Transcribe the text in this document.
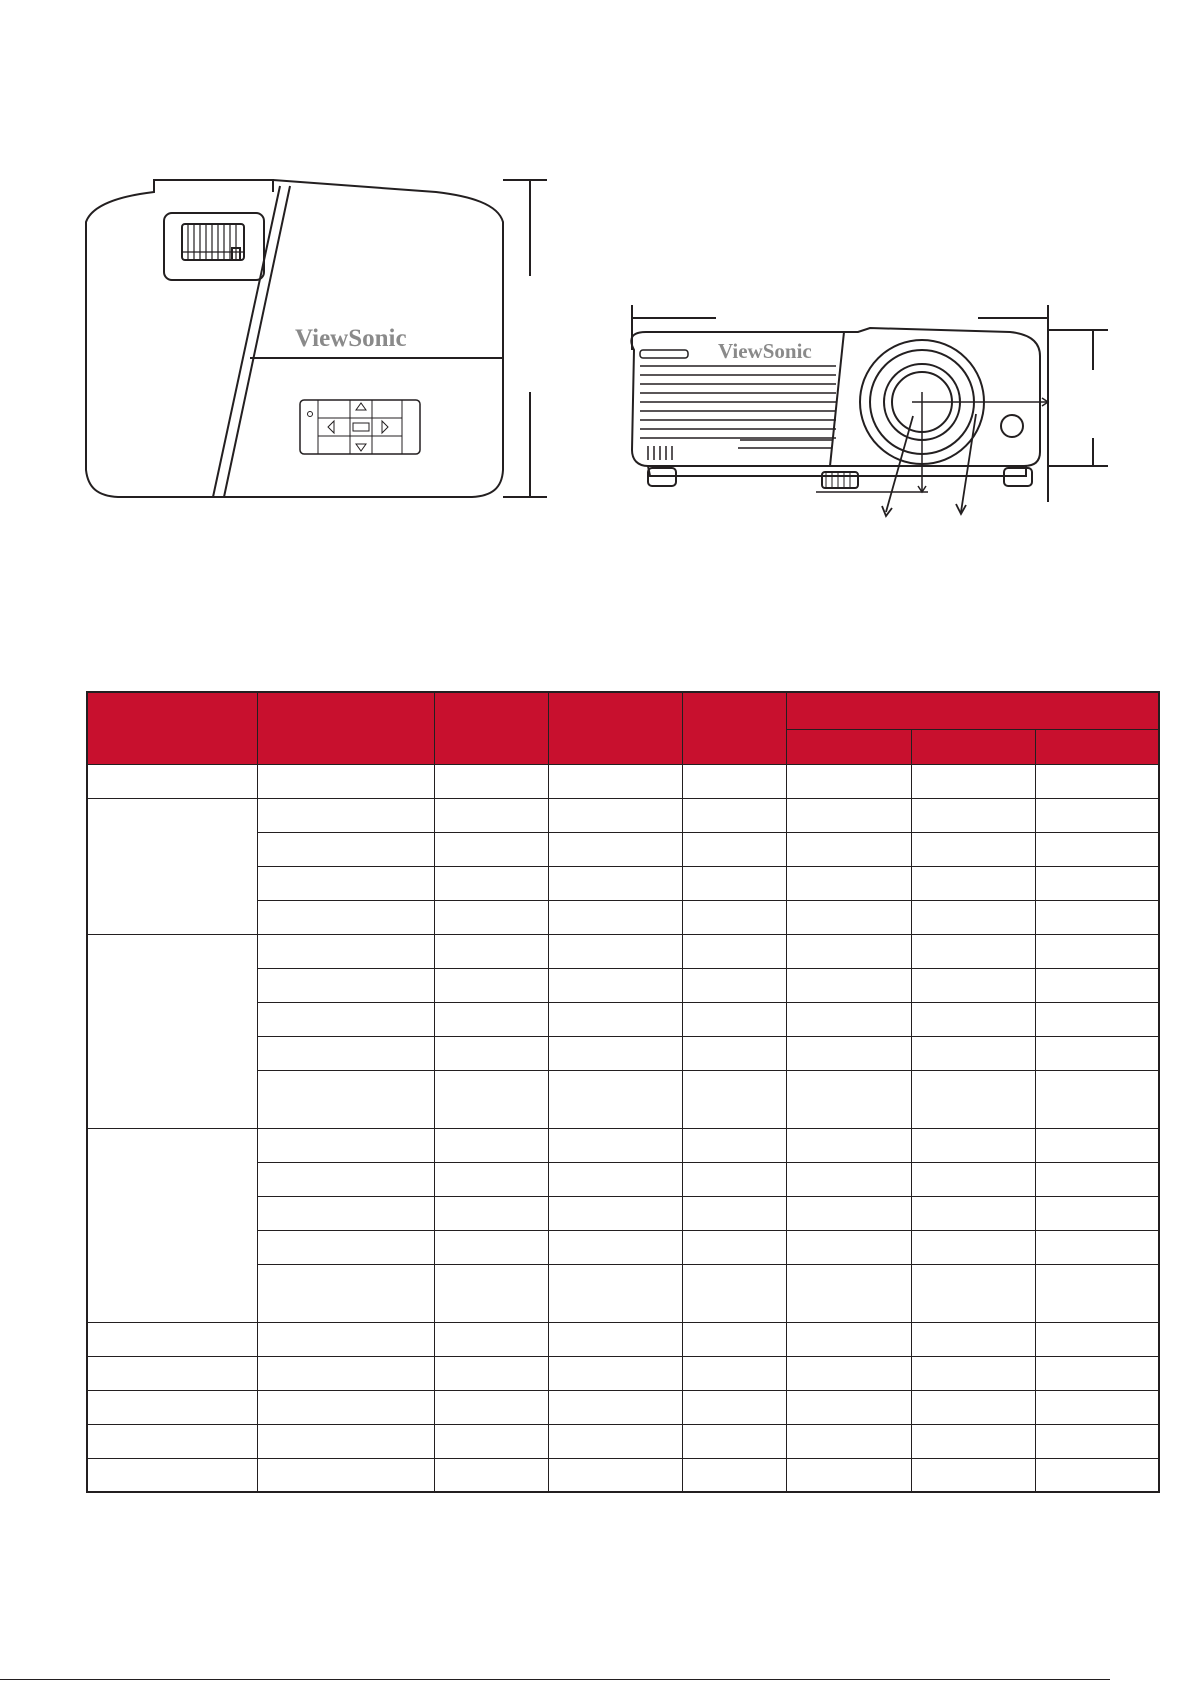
ViewSonic	ViewSonic
